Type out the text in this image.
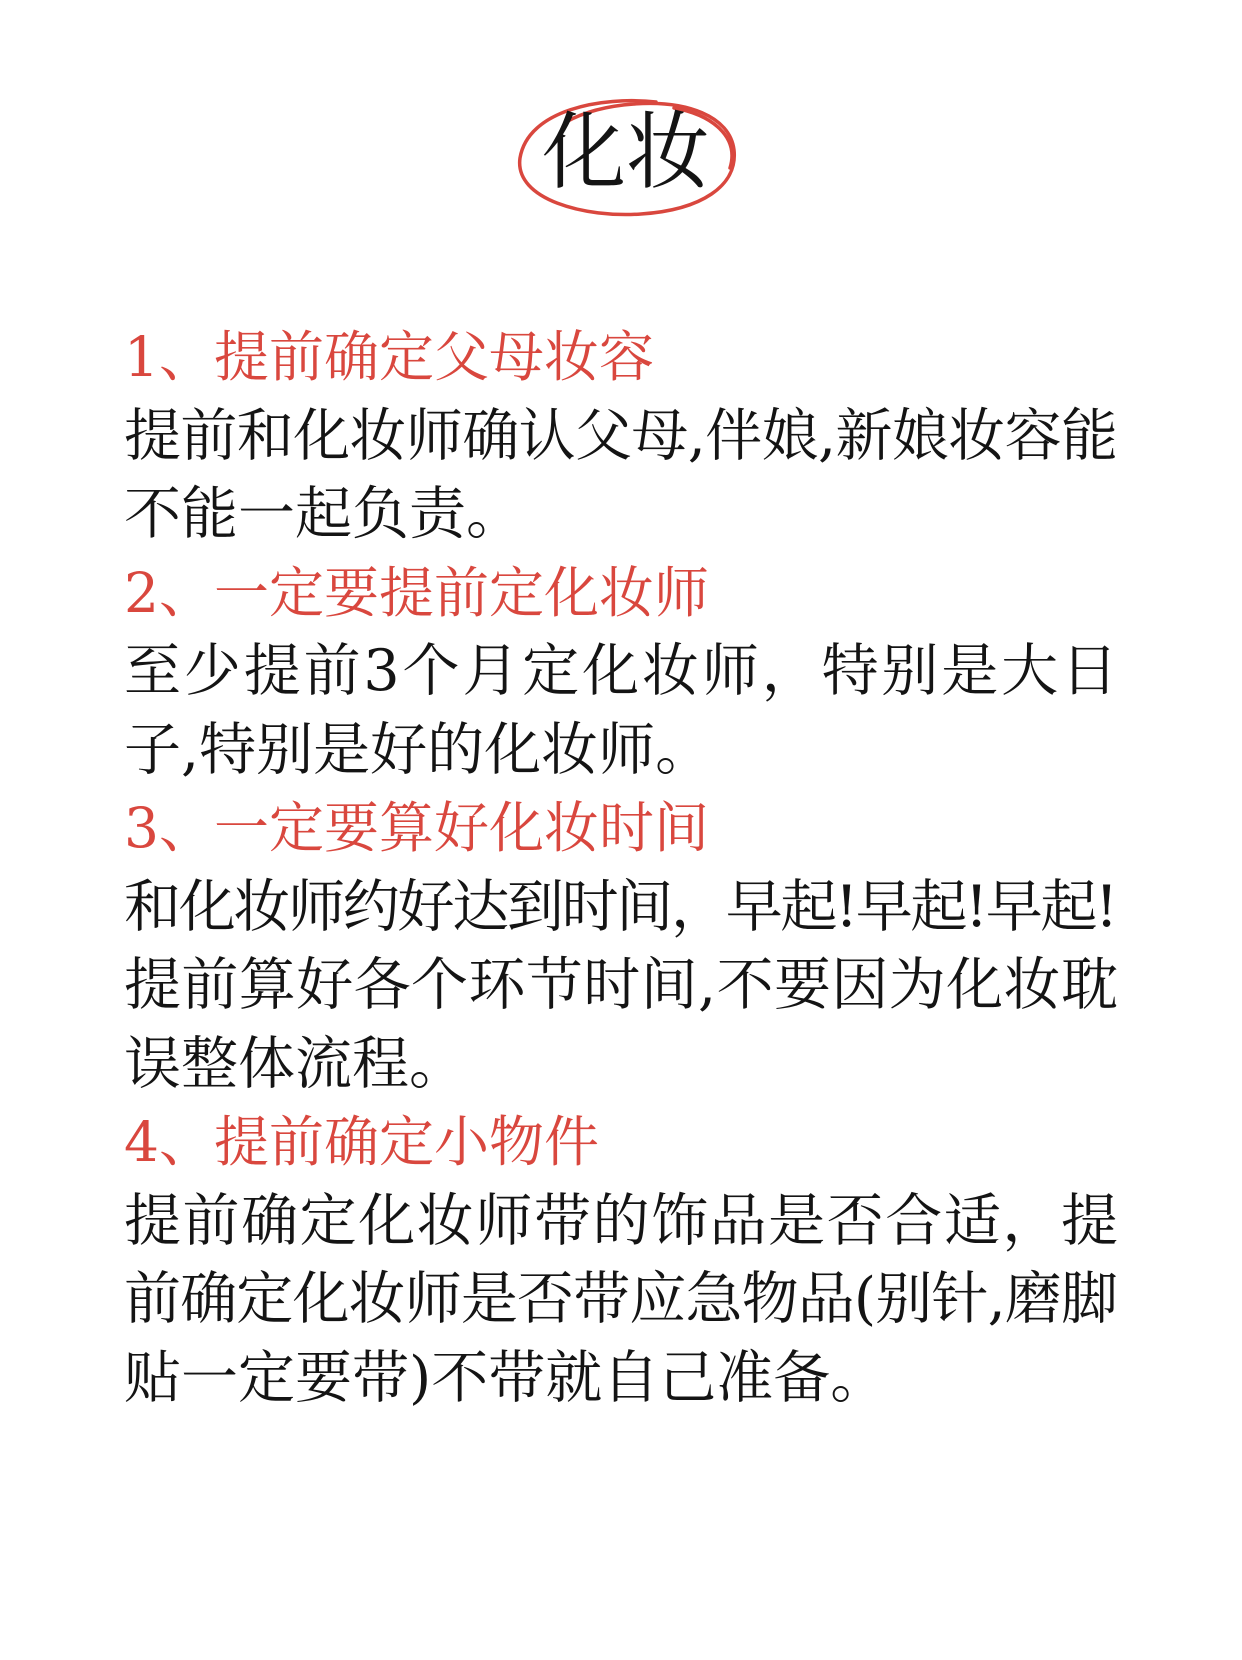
化妆
1、提前确定父母妆容
提前和化妆师确认父母,伴娘,新娘妆容能
不能一起负责。
2、一定要提前定化妆师
至少提前3个月定化妆师，特别是大日
子,特别是好的化妆师。
3、一定要算好化妆时间
和化妆师约好达到时间，早起!早起!早起!
提前算好各个环节时间,不要因为化妆耽
误整体流程。
4、提前确定小物件
提前确定化妆师带的饰品是否合适，提
前确定化妆师是否带应急物品(别针,磨脚
贴一定要带)不带就自己准备。
